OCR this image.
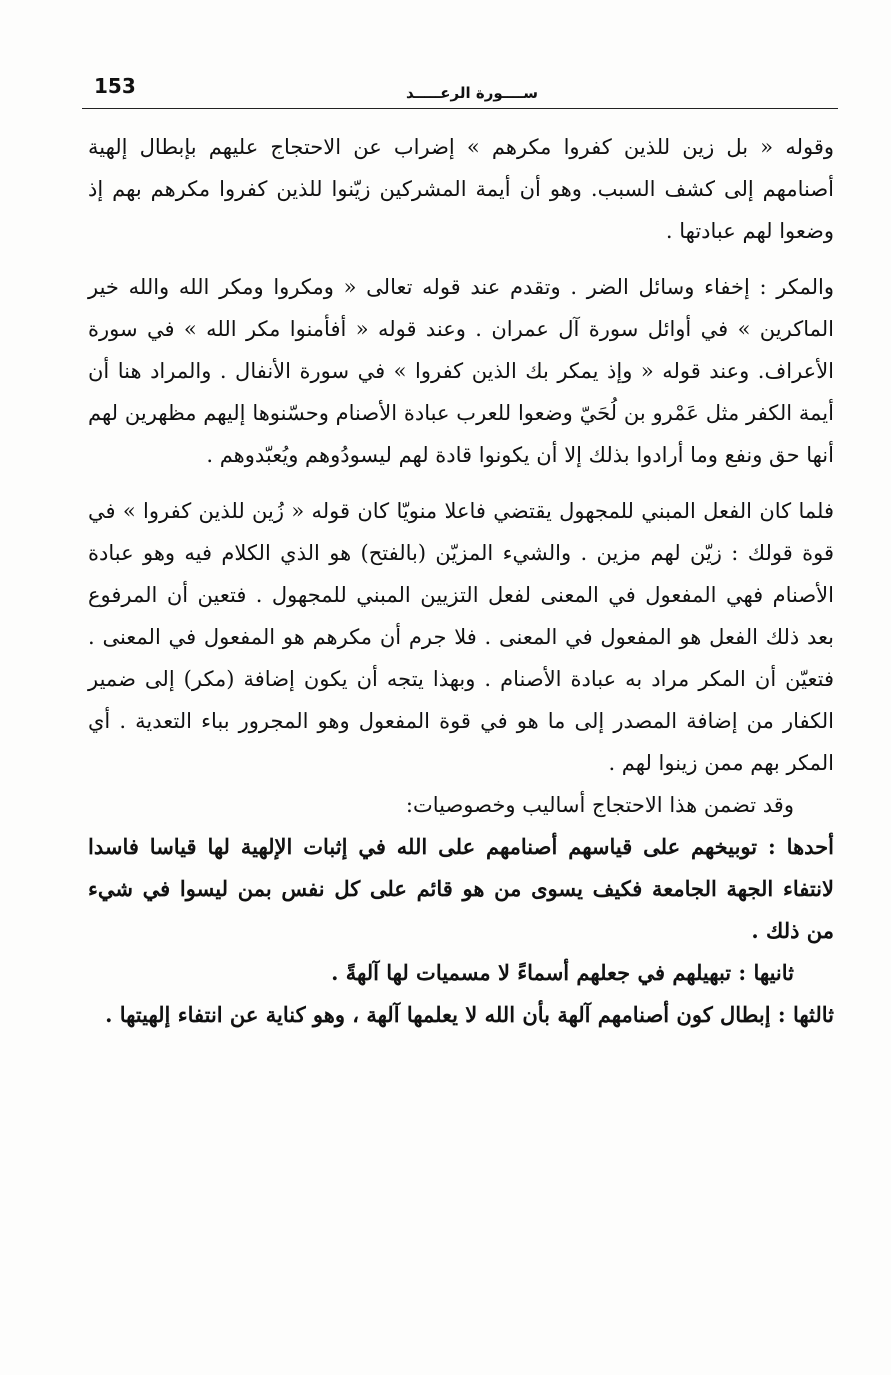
153	ســــورة الرعـــــد

وقوله « بل زين للذين كفروا مكرهم » إضراب عن الاحتجاج عليهم بإبطال إلهية أصنامهم إلى كشف السبب. وهو أن أيمة المشركين زيّنوا للذين كفروا مكرهم بهم إذ وضعوا لهم عبادتها .

والمكر : إخفاء وسائل الضر . وتقدم عند قوله تعالى « ومكروا ومكر الله والله خير الماكرين » في أوائل سورة آل عمران . وعند قوله « أفأمنوا مكر الله » في سورة الأعراف. وعند قوله « وإذ يمكر بك الذين كفروا » في سورة الأنفال . والمراد هنا أن أيمة الكفر مثل عَمْرو بن لُحَيّ وضعوا للعرب عبادة الأصنام وحسّنوها إليهم مظهرين لهم أنها حق ونفع وما أرادوا بذلك إلا أن يكونوا قادة لهم ليسودُوهم ويُعبّدوهم .

فلما كان الفعل المبني للمجهول يقتضي فاعلا منويّا كان قوله « زُين للذين كفروا » في قوة قولك : زيّن لهم مزين . والشيء المزيّن (بالفتح) هو الذي الكلام فيه وهو عبادة الأصنام فهي المفعول في المعنى لفعل التزيين المبني للمجهول . فتعين أن المرفوع بعد ذلك الفعل هو المفعول في المعنى . فلا جرم أن مكرهم هو المفعول في المعنى . فتعيّن أن المكر مراد به عبادة الأصنام . وبهذا يتجه أن يكون إضافة (مكر) إلى ضمير الكفار من إضافة المصدر إلى ما هو في قوة المفعول وهو المجرور بباء التعدية . أي المكر بهم ممن زينوا لهم .

وقد تضمن هذا الاحتجاج أساليب وخصوصيات:

أحدها : توبيخهم على قياسهم أصنامهم على الله في إثبات الإلهية لها قياسا فاسدا لانتفاء الجهة الجامعة فكيف يسوى من هو قائم على كل نفس بمن ليسوا في شيء من ذلك .

ثانيها : تبهيلهم في جعلهم أسماءً لا مسميات لها آلهةً .

ثالثها : إبطال كون أصنامهم آلهة بأن الله لا يعلمها آلهة ، وهو كناية عن انتفاء إلهيتها .
